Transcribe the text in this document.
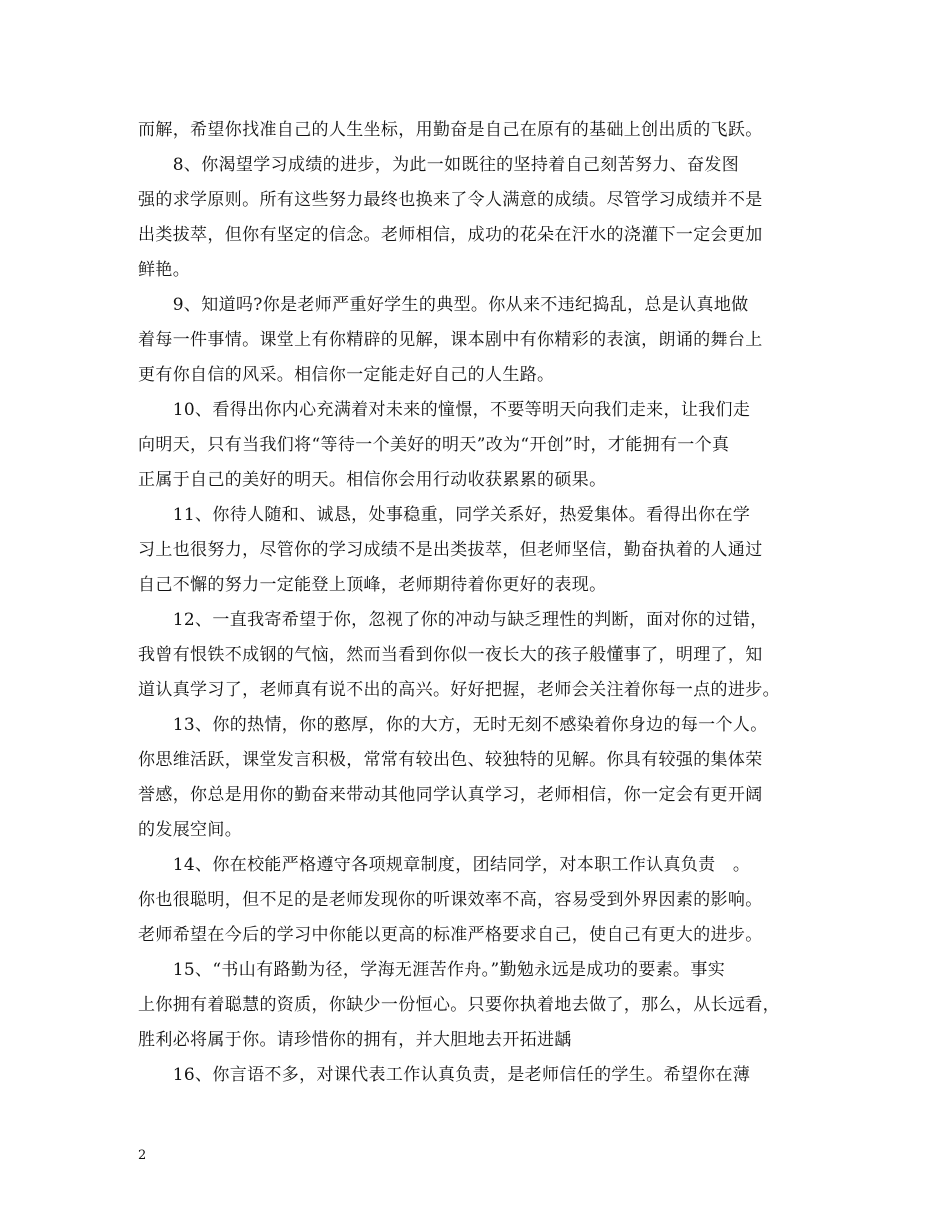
而解，希望你找准自己的人生坐标，用勤奋是自己在原有的基础上创出质的飞跃。
　　8、你渴望学习成绩的进步，为此一如既往的坚持着自己刻苦努力、奋发图
强的求学原则。所有这些努力最终也换来了令人满意的成绩。尽管学习成绩并不是
出类拔萃，但你有坚定的信念。老师相信，成功的花朵在汗水的浇灌下一定会更加
鲜艳。
　　9、知道吗?你是老师严重好学生的典型。你从来不违纪捣乱，总是认真地做
着每一件事情。课堂上有你精辟的见解，课本剧中有你精彩的表演，朗诵的舞台上
更有你自信的风采。相信你一定能走好自己的人生路。
　　10、看得出你内心充满着对未来的憧憬，不要等明天向我们走来，让我们走
向明天，只有当我们将“等待一个美好的明天”改为“开创”时，才能拥有一个真
正属于自己的美好的明天。相信你会用行动收获累累的硕果。
　　11、你待人随和、诚恳，处事稳重，同学关系好，热爱集体。看得出你在学
习上也很努力，尽管你的学习成绩不是出类拔萃，但老师坚信，勤奋执着的人通过
自己不懈的努力一定能登上顶峰，老师期待着你更好的表现。
　　12、一直我寄希望于你，忽视了你的冲动与缺乏理性的判断，面对你的过错，
我曾有恨铁不成钢的气恼，然而当看到你似一夜长大的孩子般懂事了，明理了，知
道认真学习了，老师真有说不出的高兴。好好把握，老师会关注着你每一点的进步。
　　13、你的热情，你的憨厚，你的大方，无时无刻不感染着你身边的每一个人。
你思维活跃，课堂发言积极，常常有较出色、较独特的见解。你具有较强的集体荣
誉感，你总是用你的勤奋来带动其他同学认真学习，老师相信，你一定会有更开阔
的发展空间。
　　14、你在校能严格遵守各项规章制度，团结同学，对本职工作认真负责　。
你也很聪明，但不足的是老师发现你的听课效率不高，容易受到外界因素的影响。
老师希望在今后的学习中你能以更高的标准严格要求自己，使自己有更大的进步。
　　15、“书山有路勤为径，学海无涯苦作舟。”勤勉永远是成功的要素。事实
上你拥有着聪慧的资质，你缺少一份恒心。只要你执着地去做了，那么，从长远看，
胜利必将属于你。请珍惜你的拥有，并大胆地去开拓进龋
　　16、你言语不多，对课代表工作认真负责，是老师信任的学生。希望你在薄
2
